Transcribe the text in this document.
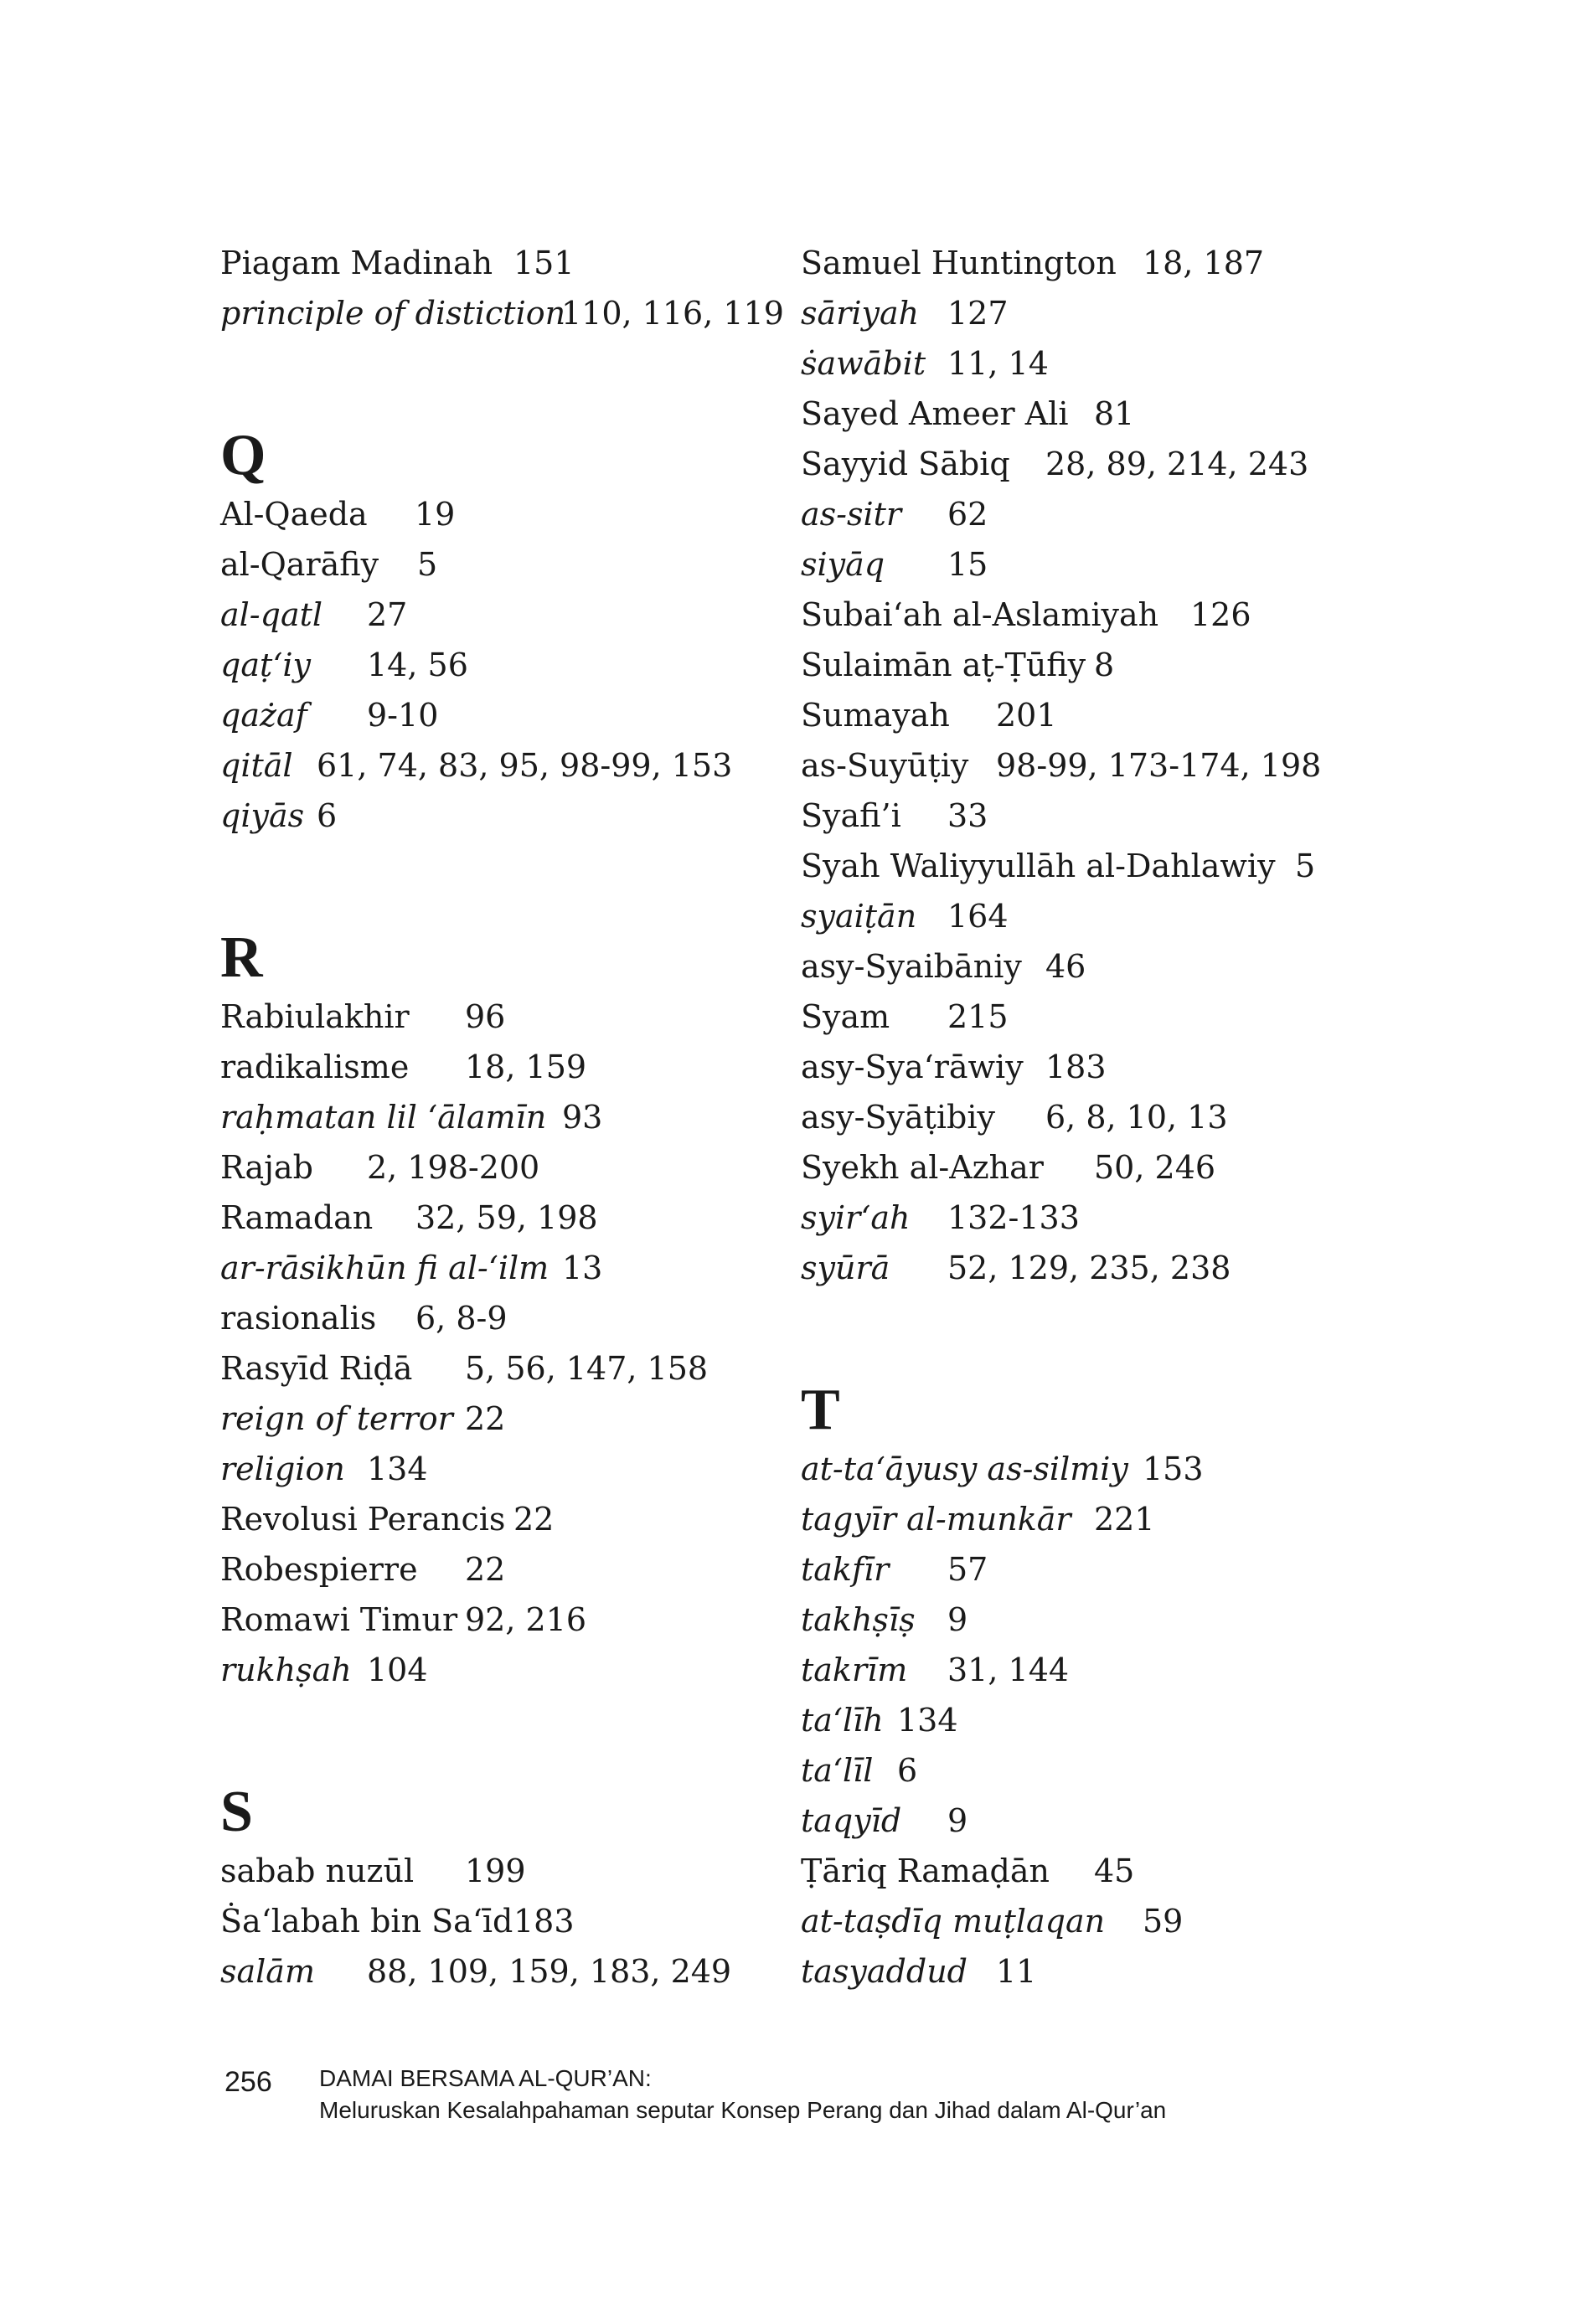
Piagam Madinah 151
principle of distiction
110, 116, 119
Q
Al-Qaeda 19
al-Qarāfiy 5
al-qatl 27
qaṭ‘iy 14, 56
qażaf 9-10
qitāl 61, 74, 83, 95, 98-99, 153
qiyās 6
R
Rabiulakhir 96
radikalisme 18, 159
raḥmatan lil ‘ālamīn 93
Rajab 2, 198-200
Ramadan 32, 59, 198
ar-rāsikhūn fi al-‘ilm 13
rasionalis 6, 8-9
Rasyīd Riḍā 5, 56, 147, 158
reign of terror 22
religion 134
Revolusi Perancis 22
Robespierre 22
Romawi Timur 92, 216
rukhṣah 104
S
sabab nuzūl 199
Ṡa‘labah bin Sa‘īd 183
salām 88, 109, 159, 183, 249
Samuel Huntington 18, 187
sāriyah 127
ṡawābit 11, 14
Sayed Ameer Ali 81
Sayyid Sābiq 28, 89, 214, 243
as-sitr 62
siyāq 15
Subai‘ah al-Aslamiyah 126
Sulaimān aṭ-Ṭūfiy 8
Sumayah 201
as-Suyūṭiy 98-99, 173-174, 198
Syafi’i 33
Syah Waliyyullāh al-Dahlawiy 5
syaiṭān 164
asy-Syaibāniy 46
Syam 215
asy-Sya‘rāwiy 183
asy-Syāṭibiy 6, 8, 10, 13
Syekh al-Azhar 50, 246
syir‘ah 132-133
syūrā 52, 129, 235, 238
T
at-ta‘āyusy as-silmiy 153
tagyīr al-munkār 221
takfīr 57
takhṣīṣ 9
takrīm 31, 144
ta‘līh 134
ta‘līl 6
taqyīd 9
Ṭāriq Ramaḍān 45
at-taṣdīq muṭlaqan 59
tasyaddud 11
256 DAMAI BERSAMA AL-QUR’AN:
Meluruskan Kesalahpahaman seputar Konsep Perang dan Jihad dalam Al-Qur’an
